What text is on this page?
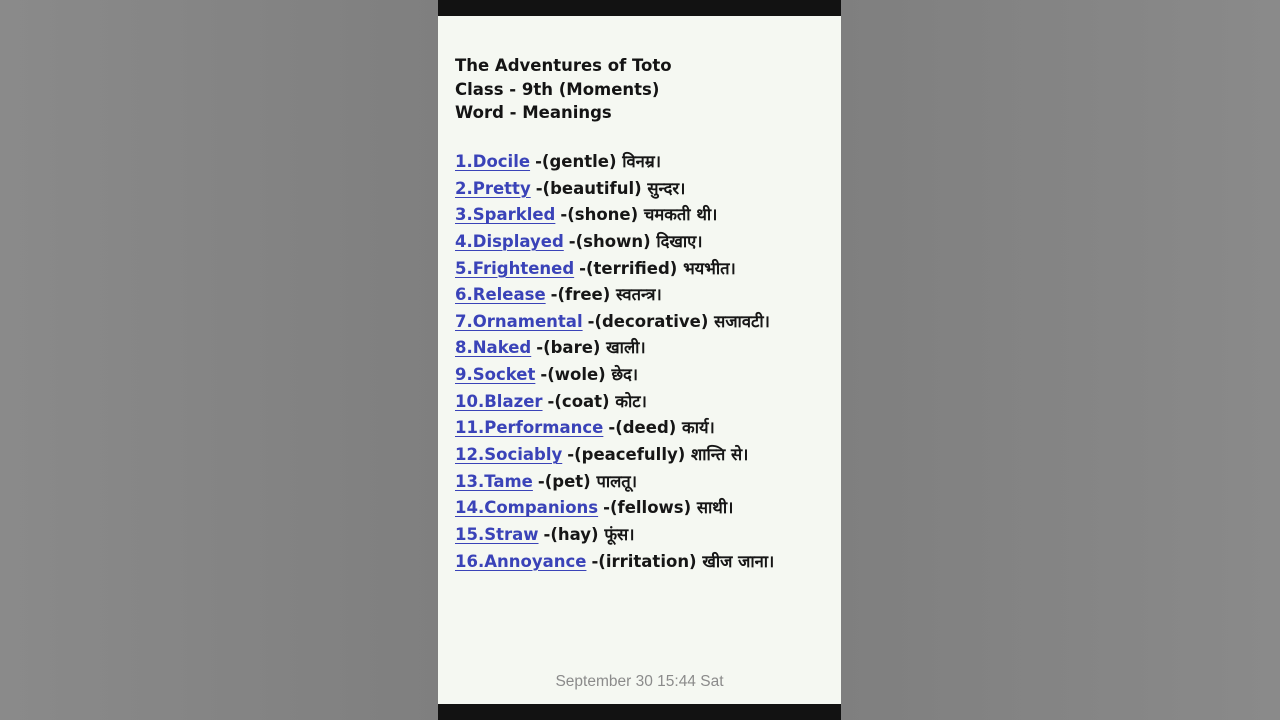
The Adventures of Toto
Class - 9th (Moments)
Word - Meanings
1.Docile -(gentle) विनम्र।
2.Pretty -(beautiful) सुन्दर।
3.Sparkled -(shone) चमकती थी।
4.Displayed -(shown) दिखाए।
5.Frightened -(terrified) भयभीत।
6.Release -(free) स्वतन्त्र।
7.Ornamental -(decorative) सजावटी।
8.Naked -(bare) खाली।
9.Socket -(wole) छेद।
10.Blazer -(coat) कोट।
11.Performance -(deed) कार्य।
12.Sociably -(peacefully) शान्ति से।
13.Tame -(pet) पालतू।
14.Companions -(fellows) साथी।
15.Straw -(hay) फूंस।
16.Annoyance -(irritation) खीज जाना।
September 30 15:44 Sat
